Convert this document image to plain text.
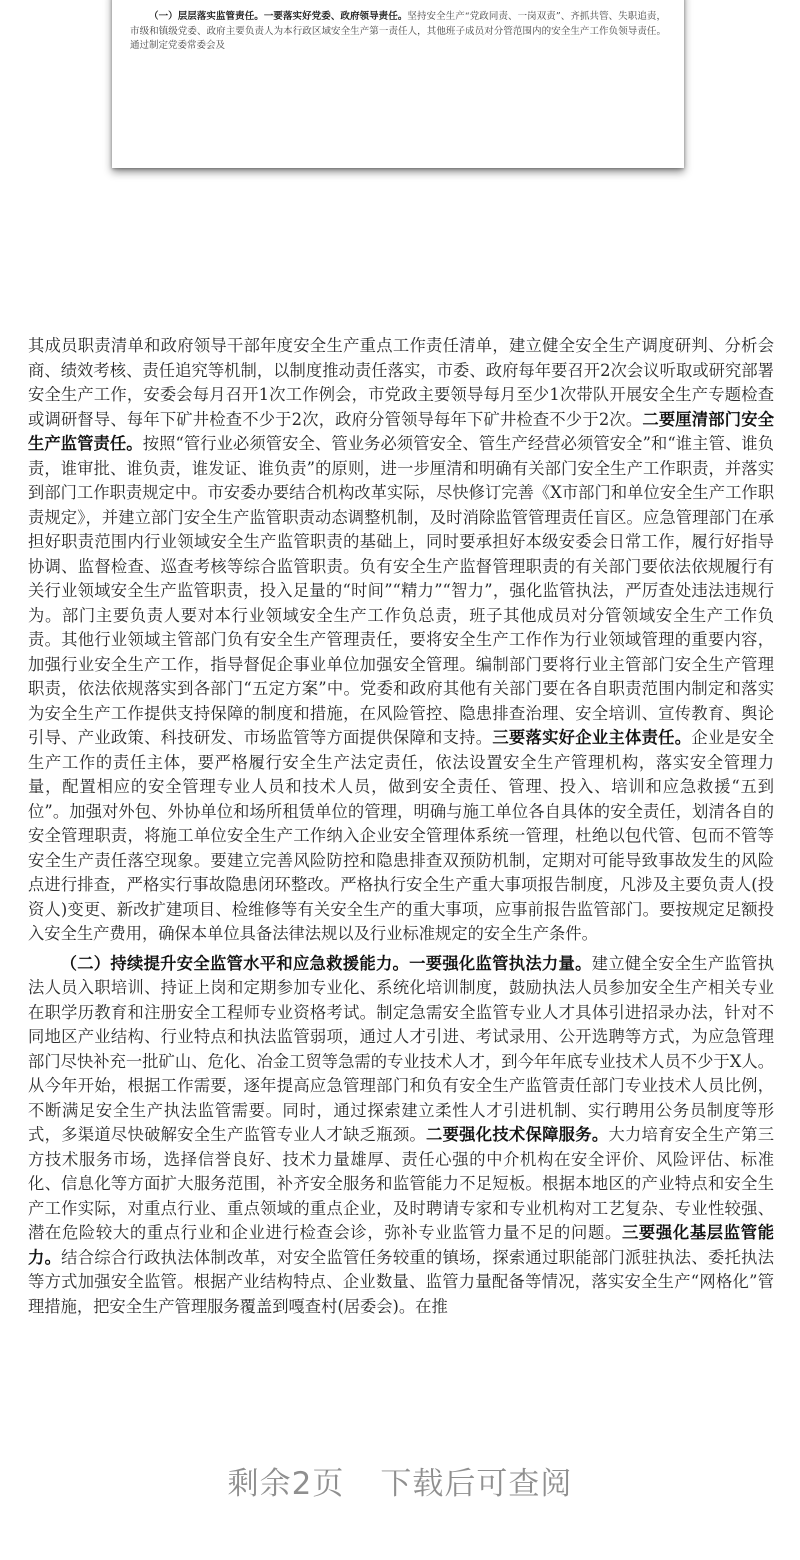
（一）层层落实监管责任。一要落实好党委、政府领导责任。坚持安全生产“党政同责、一岗双责”、齐抓共管、失职追责，市级和镇级党委、政府主要负责人为本行政区域安全生产第一责任人，其他班子成员对分管范围内的安全生产工作负领导责任。通过制定党委常委会及

其成员职责清单和政府领导干部年度安全生产重点工作责任清单，建立健全安全生产调度研判、分析会商、绩效考核、责任追究等机制，以制度推动责任落实，市委、政府每年要召开2次会议听取或研究部署安全生产工作，安委会每月召开1次工作例会，市党政主要领导每月至少1次带队开展安全生产专题检查或调研督导、每年下矿井检查不少于2次，政府分管领导每年下矿井检查不少于2次。二要厘清部门安全生产监管责任。按照“管行业必须管安全、管业务必须管安全、管生产经营必须管安全”和“谁主管、谁负责，谁审批、谁负责，谁发证、谁负责”的原则，进一步厘清和明确有关部门安全生产工作职责，并落实到部门工作职责规定中。市安委办要结合机构改革实际，尽快修订完善《X市部门和单位安全生产工作职责规定》，并建立部门安全生产监管职责动态调整机制，及时消除监管管理责任盲区。应急管理部门在承担好职责范围内行业领域安全生产监管职责的基础上，同时要承担好本级安委会日常工作，履行好指导协调、监督检查、巡查考核等综合监管职责。负有安全生产监督管理职责的有关部门要依法依规履行有关行业领域安全生产监管职责，投入足量的“时间”“精力”“智力”，强化监管执法，严厉查处违法违规行为。部门主要负责人要对本行业领域安全生产工作负总责，班子其他成员对分管领域安全生产工作负责。其他行业领域主管部门负有安全生产管理责任，要将安全生产工作作为行业领域管理的重要内容，加强行业安全生产工作，指导督促企事业单位加强安全管理。编制部门要将行业主管部门安全生产管理职责，依法依规落实到各部门“五定方案”中。党委和政府其他有关部门要在各自职责范围内制定和落实为安全生产工作提供支持保障的制度和措施，在风险管控、隐患排查治理、安全培训、宣传教育、舆论引导、产业政策、科技研发、市场监管等方面提供保障和支持。三要落实好企业主体责任。企业是安全生产工作的责任主体，要严格履行安全生产法定责任，依法设置安全生产管理机构，落实安全管理力量，配置相应的安全管理专业人员和技术人员，做到安全责任、管理、投入、培训和应急救援“五到位”。加强对外包、外协单位和场所租赁单位的管理，明确与施工单位各自具体的安全责任，划清各自的安全管理职责，将施工单位安全生产工作纳入企业安全管理体系统一管理，杜绝以包代管、包而不管等安全生产责任落空现象。要建立完善风险防控和隐患排查双预防机制，定期对可能导致事故发生的风险点进行排查，严格实行事故隐患闭环整改。严格执行安全生产重大事项报告制度，凡涉及主要负责人(投资人)变更、新改扩建项目、检维修等有关安全生产的重大事项，应事前报告监管部门。要按规定足额投入安全生产费用，确保本单位具备法律法规以及行业标准规定的安全生产条件。

（二）持续提升安全监管水平和应急救援能力。一要强化监管执法力量。建立健全安全生产监管执法人员入职培训、持证上岗和定期参加专业化、系统化培训制度，鼓励执法人员参加安全生产相关专业在职学历教育和注册安全工程师专业资格考试。制定急需安全监管专业人才具体引进招录办法，针对不同地区产业结构、行业特点和执法监管弱项，通过人才引进、考试录用、公开选聘等方式，为应急管理部门尽快补充一批矿山、危化、冶金工贸等急需的专业技术人才，到今年年底专业技术人员不少于X人。从今年开始，根据工作需要，逐年提高应急管理部门和负有安全生产监管责任部门专业技术人员比例，不断满足安全生产执法监管需要。同时，通过探索建立柔性人才引进机制、实行聘用公务员制度等形式，多渠道尽快破解安全生产监管专业人才缺乏瓶颈。二要强化技术保障服务。大力培育安全生产第三方技术服务市场，选择信誉良好、技术力量雄厚、责任心强的中介机构在安全评价、风险评估、标准化、信息化等方面扩大服务范围，补齐安全服务和监管能力不足短板。根据本地区的产业特点和安全生产工作实际，对重点行业、重点领域的重点企业，及时聘请专家和专业机构对工艺复杂、专业性较强、潜在危险较大的重点行业和企业进行检查会诊，弥补专业监管力量不足的问题。三要强化基层监管能力。结合综合行政执法体制改革，对安全监管任务较重的镇场，探索通过职能部门派驻执法、委托执法等方式加强安全监管。根据产业结构特点、企业数量、监管力量配备等情况，落实安全生产“网格化”管理措施，把安全生产管理服务覆盖到嘎查村(居委会)。在推

剩余2页 下载后可查阅
